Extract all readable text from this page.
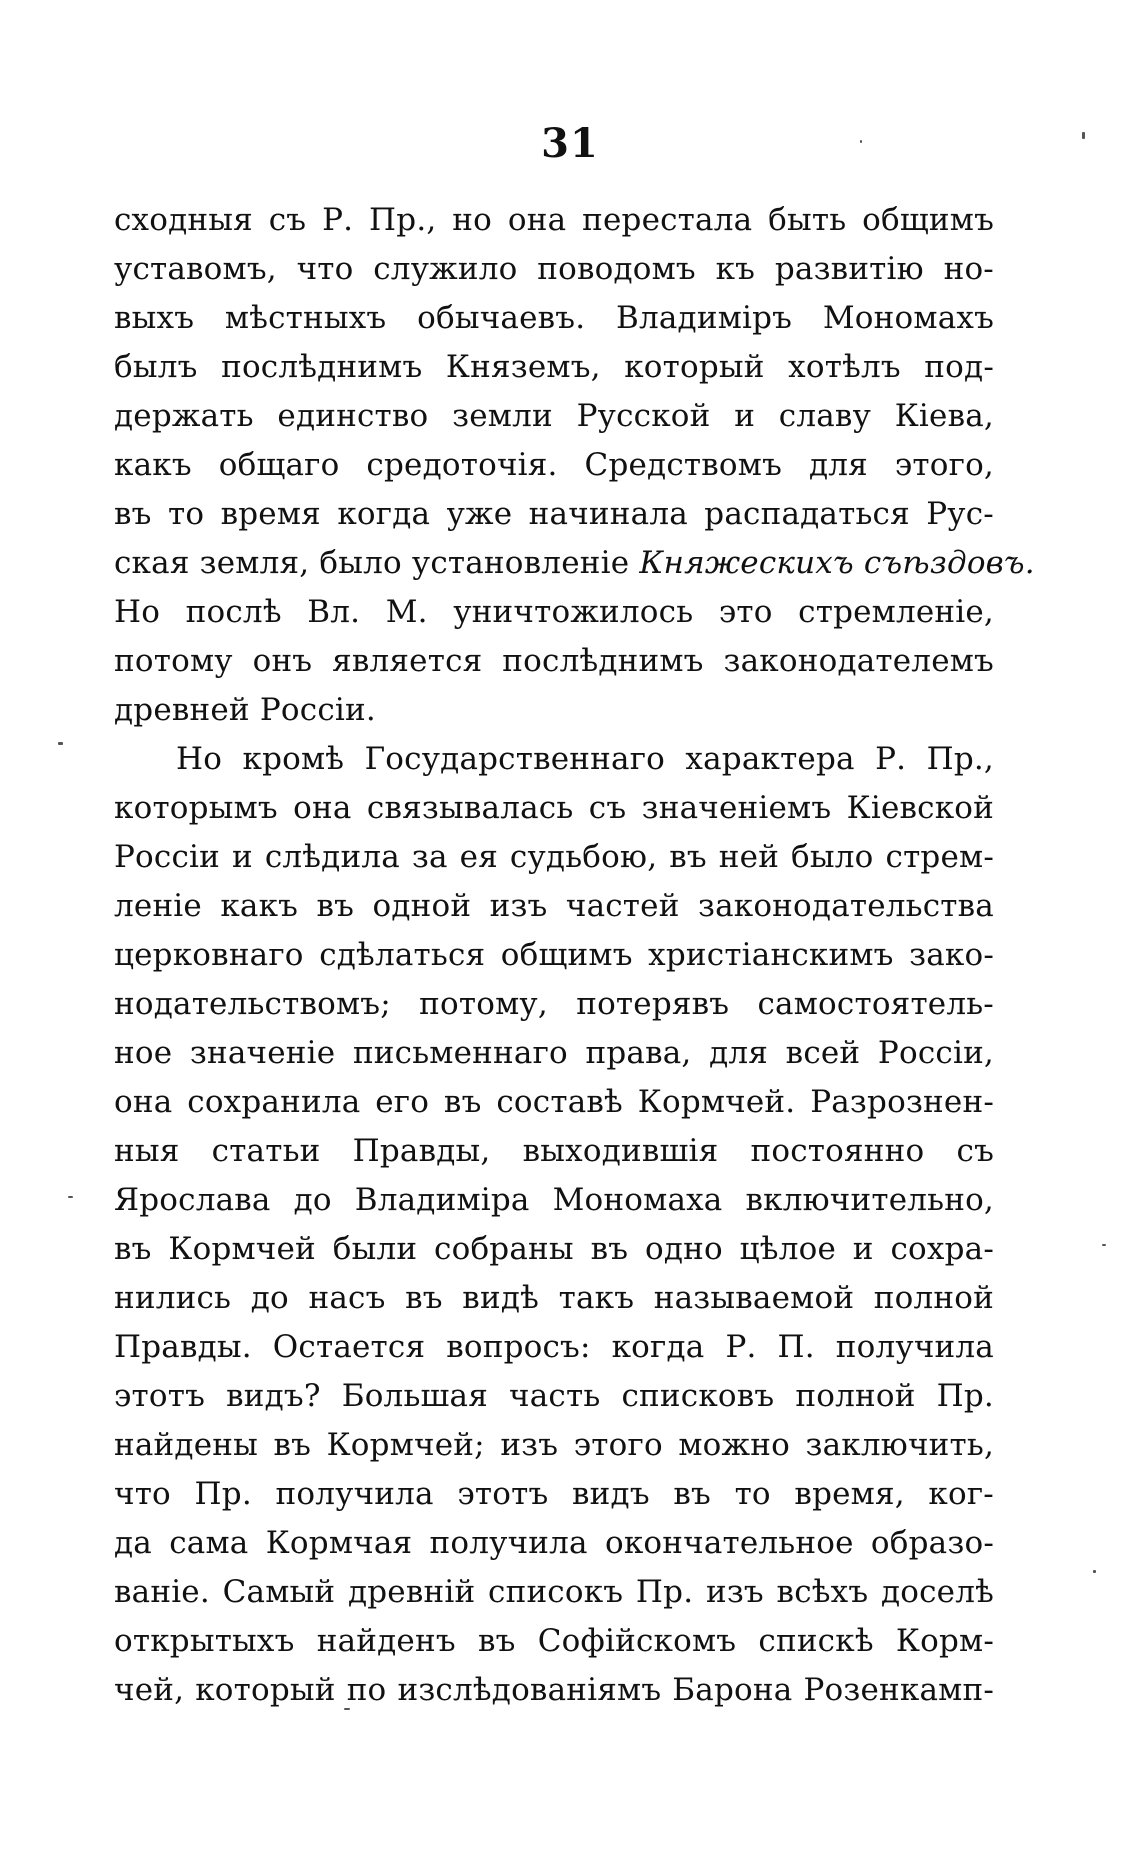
31
сходныя съ Р. Пр., но она перестала быть общимъ
уставомъ, что служило поводомъ къ развитію но-
выхъ мѣстныхъ обычаевъ. Владиміръ Мономахъ
былъ послѣднимъ Княземъ, который хотѣлъ под-
держать единство земли Русской и славу Кіева,
какъ общаго средоточія. Средствомъ для этого,
въ то время когда уже начинала распадаться Рус-
ская земля, было установленіе Княжескихъ съѣздовъ.
Но послѣ Вл. М. уничтожилось это стремленіе,
потому онъ является послѣднимъ законодателемъ
древней Россіи.
Но кромѣ Государственнаго характера Р. Пр.,
которымъ она связывалась съ значеніемъ Кіевской
Россіи и слѣдила за ея судьбою, въ ней было стрем-
леніе какъ въ одной изъ частей законодательства
церковнаго сдѣлаться общимъ христіанскимъ зако-
нодательствомъ; потому, потерявъ самостоятель-
ное значеніе письменнаго права, для всей Россіи,
она сохранила его въ составѣ Кормчей. Разрознен-
ныя статьи Правды, выходившія постоянно съ
Ярослава до Владиміра Мономаха включительно,
въ Кормчей были собраны въ одно цѣлое и сохра-
нились до насъ въ видѣ такъ называемой полной
Правды. Остается вопросъ: когда Р. П. получила
этотъ видъ? Большая часть списковъ полной Пр.
найдены въ Кормчей; изъ этого можно заключить,
что Пр. получила этотъ видъ въ то время, ког-
да сама Кормчая получила окончательное образо-
ваніе. Самый древній списокъ Пр. изъ всѣхъ доселѣ
открытыхъ найденъ въ Софійскомъ спискѣ Корм-
чей, который по изслѣдованіямъ Барона Розенкамп-
